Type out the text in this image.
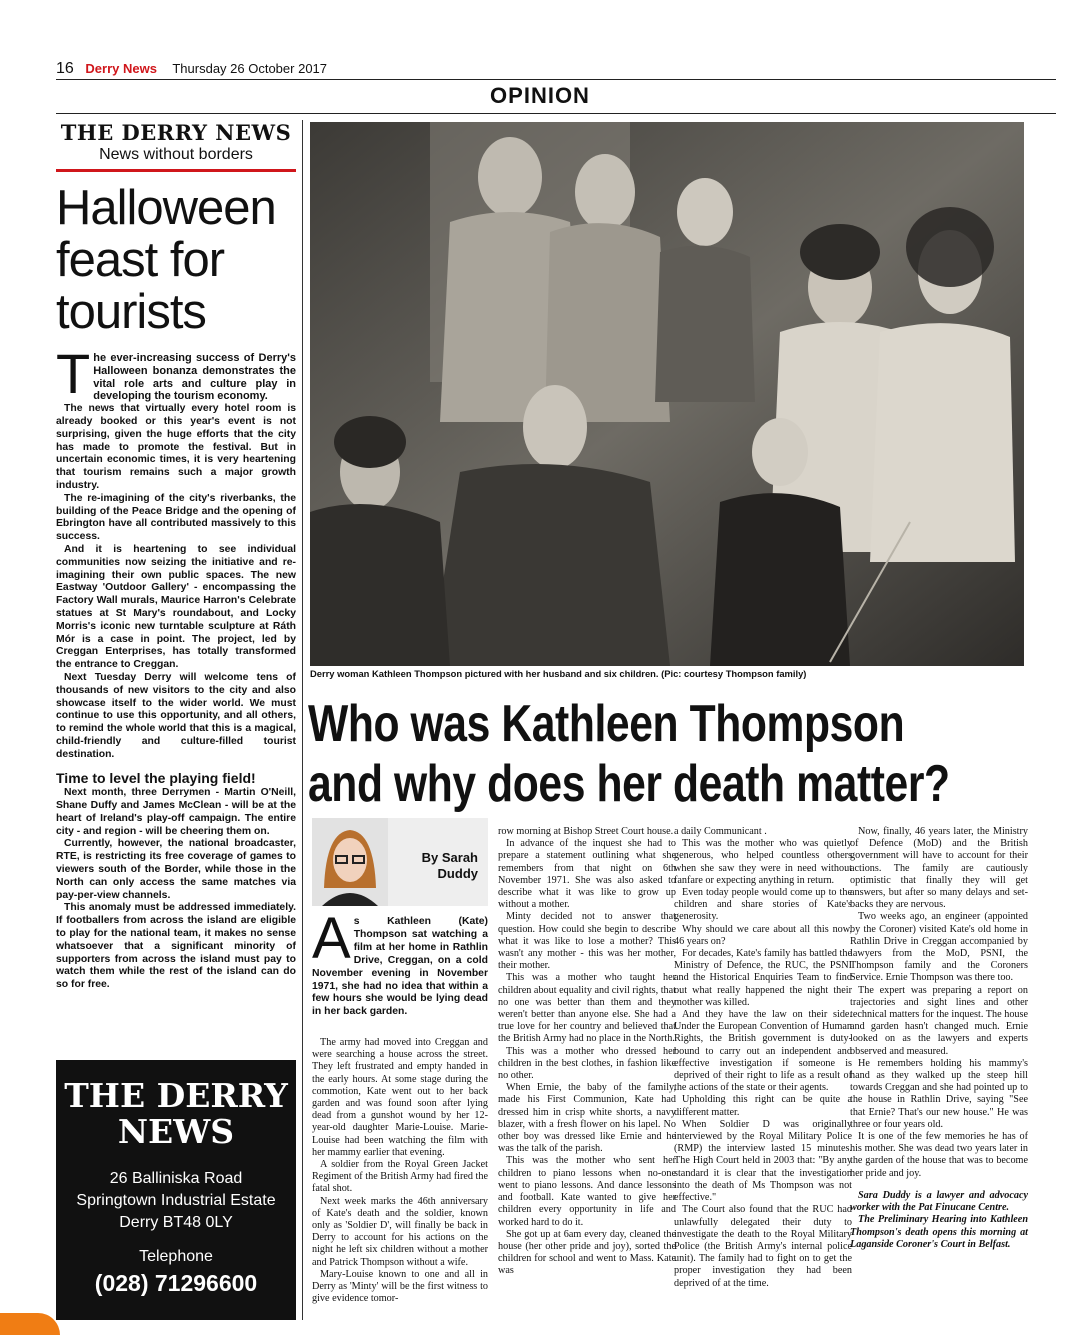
16 Derry News Thursday 26 October 2017
OPINION
THE DERRY NEWS
News without borders
Halloween
feast for
tourists

The ever-increasing success of Derry's Halloween bonanza demonstrates the vital role arts and culture play in developing the tourism economy.

The news that virtually every hotel room is already booked or this year's event is not surprising, given the huge efforts that the city has made to promote the festival. But in uncertain economic times, it is very heartening that tourism remains such a major growth industry.

The re-imagining of the city's riverbanks, the building of the Peace Bridge and the opening of Ebrington have all contributed massively to this success.

And it is heartening to see individual communities now seizing the initiative and re-imagining their own public spaces. The new Eastway 'Outdoor Gallery' - encompassing the Factory Wall murals, Maurice Harron's Celebrate statues at St Mary's roundabout, and Locky Morris's iconic new turntable sculpture at Ráth Mór is a case in point. The project, led by Creggan Enterprises, has totally transformed the entrance to Creggan.

Next Tuesday Derry will welcome tens of thousands of new visitors to the city and also showcase itself to the wider world. We must continue to use this opportunity, and all others, to remind the whole world that this is a magical, child-friendly and culture-filled tourist destination.

Time to level the playing field!

Next month, three Derrymen - Martin O'Neill, Shane Duffy and James McClean - will be at the heart of Ireland's play-off campaign. The entire city - and region - will be cheering them on.

Currently, however, the national broadcaster, RTE, is restricting its free coverage of games to viewers south of the Border, while those in the North can only access the same matches via pay-per-view channels.

This anomaly must be addressed immediately. If footballers from across the island are eligible to play for the national team, it makes no sense whatsoever that a significant minority of supporters from across the island must pay to watch them while the rest of the island can do so for free.

THE DERRY
NEWS
26 Balliniska Road
Springtown Industrial Estate
Derry BT48 0LY
Telephone
(028) 71296600
Derry woman Kathleen Thompson pictured with her husband and six children. (Pic: courtesy Thompson family)
Who was Kathleen Thompson
and why does her death matter?
By Sarah
Duddy
As Kathleen (Kate) Thompson sat watching a film at her home in Rathlin Drive, Creggan, on a cold November evening in November 1971, she had no idea that within a few hours she would be lying dead in her back garden.

The army had moved into Creggan and were searching a house across the street. They left frustrated and empty handed in the early hours. At some stage during the commotion, Kate went out to her back garden and was found soon after lying dead from a gunshot wound by her 12-year-old daughter Marie-Louise. Marie-Louise had been watching the film with her mammy earlier that evening.

A soldier from the Royal Green Jacket Regiment of the British Army had fired the fatal shot.

Next week marks the 46th anniversary of Kate's death and the soldier, known only as 'Soldier D', will finally be back in Derry to account for his actions on the night he left six children without a mother and Patrick Thompson without a wife.

Mary-Louise known to one and all in Derry as 'Minty' will be the first witness to give evidence tomor-

row morning at Bishop Street Court house.

In advance of the inquest she had to prepare a statement outlining what she remembers from that night on 6th November 1971. She was also asked to describe what it was like to grow up without a mother.

Minty decided not to answer that question. How could she begin to describe what it was like to lose a mother? This wasn't any mother - this was her mother, their mother.

This was a mother who taught her children about equality and civil rights, that no one was better than them and they weren't better than anyone else. She had a true love for her country and believed that the British Army had no place in the North.

This was a mother who dressed her children in the best clothes, in fashion like no other.

When Ernie, the baby of the family, made his First Communion, Kate had dressed him in crisp white shorts, a navy blazer, with a fresh flower on his lapel. No other boy was dressed like Ernie and he was the talk of the parish.

This was the mother who sent her children to piano lessons when no-one went to piano lessons. And dance lessons and football. Kate wanted to give her children every opportunity in life and worked hard to do it.

She got up at 6am every day, cleaned the house (her other pride and joy), sorted the children for school and went to Mass. Kate was

a daily Communicant .

This was the mother who was quietly generous, who helped countless others when she saw they were in need without fanfare or expecting anything in return.

Even today people would come up to the children and share stories of Kate's generosity.

Why should we care about all this now, 46 years on?

For decades, Kate's family has battled the Ministry of Defence, the RUC, the PSNI and the Historical Enquiries Team to find out what really happened the night their mother was killed.

And they have the law on their side. Under the European Convention of Human Rights, the British government is duty-bound to carry out an independent and effective investigation if someone is deprived of their right to life as a result of the actions of the state or their agents.

Upholding this right can be quite a different matter.

When Soldier D was originally interviewed by the Royal Military Police (RMP) the interview lasted 15 minutes. The High Court held in 2003 that: "By any standard it is clear that the investigation into the death of Ms Thompson was not effective."

The Court also found that the RUC had unlawfully delegated their duty to investigate the death to the Royal Military Police (the British Army's internal police unit). The family had to fight on to get the proper investigation they had been deprived of at the time.

Now, finally, 46 years later, the Ministry of Defence (MoD) and the British government will have to account for their actions. The family are cautiously optimistic that finally they will get answers, but after so many delays and set-backs they are nervous.

Two weeks ago, an engineer (appointed by the Coroner) visited Kate's old home in Rathlin Drive in Creggan accompanied by lawyers from the MoD, PSNI, the Thompson family and the Coroners Service. Ernie Thompson was there too.

The expert was preparing a report on trajectories and sight lines and other technical matters for the inquest. The house and garden hasn't changed much. Ernie looked on as the lawyers and experts observed and measured.

He remembers holding his mammy's hand as they walked up the steep hill towards Creggan and she had pointed up to the house in Rathlin Drive, saying "See that Ernie? That's our new house." He was three or four years old.

It is one of the few memories he has of his mother. She was dead two years later in the garden of the house that was to become her pride and joy.

Sara Duddy is a lawyer and advocacy worker with the Pat Finucane Centre.

The Preliminary Hearing into Kathleen Thompson's death opens this morning at Laganside Coroner's Court in Belfast.
